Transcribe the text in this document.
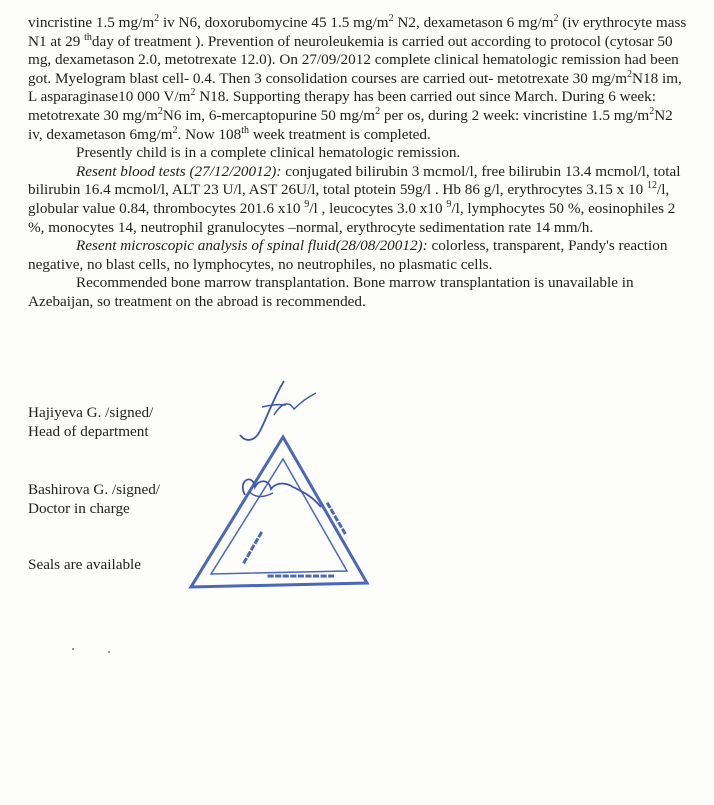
vincristine 1.5 $mg/m^2$ iv N6, doxorubomycine 45 1.5 $mg/m^2$ N2, dexametason 6 $mg/m^2$ (iv erythrocyte mass N1 at 29 $^{th}$day of treatment ). Prevention of neuroleukemia is carried out according to protocol (cytosar 50 mg, dexametason 2.0, metotrexate 12.0). On 27/09/2012 complete clinical hematologic remission had been got. Myelogram blast cell- 0.4. Then 3 consolidation courses are carried out- metotrexate 30 $mg/m^2N18$ im, L asparaginase10 000 $V/m^2$ N18. Supporting therapy has been carried out since March. During 6 week: metotrexate 30 $mg/m^2N6$ im, 6-mercaptopurine 50 $mg/m^2$ per os, during 2 week: vincristine 1.5 $mg/m^2N2$ iv, dexametason $6mg/m^2$. Now 108th week treatment is completed.

Presently child is in a complete clinical hematologic remission.

Resent blood tests (27/12/20012): conjugated bilirubin 3 mcmol/l, free bilirubin 13.4 mcmol/l, total bilirubin 16.4 mcmol/l, ALT 23 U/l, AST 26U/l, total ptotein 59g/l . Hb 86 g/l, erythrocytes 3.15 x 10 $^{12}$/l, globular value 0.84, thrombocytes 201.6 x10 $^9$/l , leucocytes 3.0 x10 $^9$/l, lymphocytes 50 %, eosinophiles 2 %, monocytes 14, neutrophil granulocytes –normal, erythrocyte sedimentation rate 14 mm/h.

Resent microscopic analysis of spinal fluid(28/08/20012): colorless, transparent, Pandy's reaction negative, no blast cells, no lymphocytes, no neutrophiles, no plasmatic cells.

Recommended bone marrow transplantation. Bone marrow transplantation is unavailable in Azebaijan, so treatment on the abroad is recommended.

Hajiyeva G. /signed/
Head of department
Bashirova G. /signed/
Doctor in charge
Seals are available
▬▬▬▬▬
▬▬▬▬▬
▬▬▬▬▬▬▬▬▬
